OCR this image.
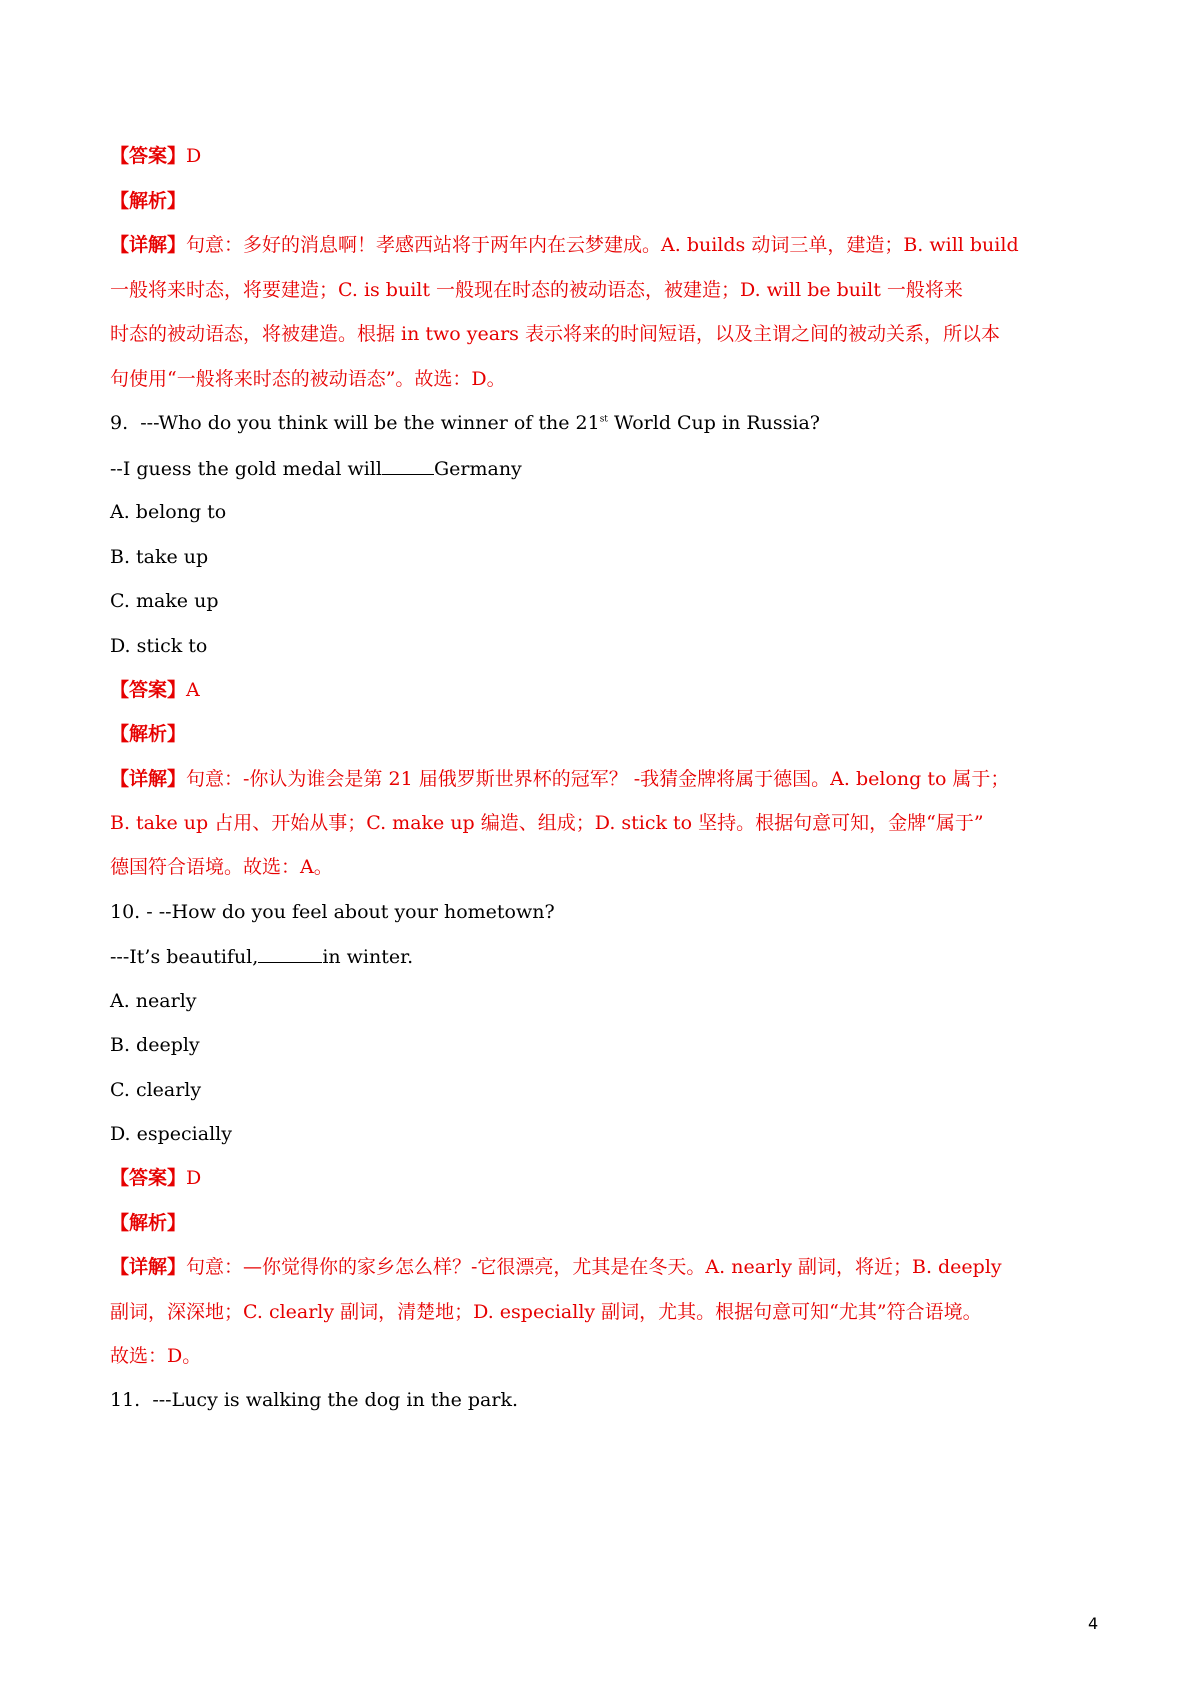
【答案】D
【解析】
【详解】句意：多好的消息啊！孝感西站将于两年内在云梦建成。A. builds 动词三单，建造；B. will build
一般将来时态，将要建造；C. is built 一般现在时态的被动语态，被建造；D. will be built 一般将来
时态的被动语态，将被建造。根据 in two years 表示将来的时间短语，以及主谓之间的被动关系，所以本
句使用“一般将来时态的被动语态”。故选：D。
9. ---Who do you think will be the winner of the 21st World Cup in Russia?
--I guess the gold medal will	Germany
A. belong to
B. take up
C. make up
D. stick to
【答案】A
【解析】
【详解】句意：-你认为谁会是第 21 届俄罗斯世界杯的冠军？ -我猜金牌将属于德国。A. belong to 属于；
B. take up 占用、开始从事；C. make up 编造、组成；D. stick to 坚持。根据句意可知，金牌“属于”
德国符合语境。故选：A。
10. - --How do you feel about your hometown?
---It’s beautiful,	in winter.
A. nearly
B. deeply
C. clearly
D. especially
【答案】D
【解析】
【详解】句意：—你觉得你的家乡怎么样？-它很漂亮，尤其是在冬天。A. nearly 副词，将近；B. deeply
副词，深深地；C. clearly 副词，清楚地；D. especially 副词，尤其。根据句意可知“尤其”符合语境。
故选：D。
11. ---Lucy is walking the dog in the park.
4
